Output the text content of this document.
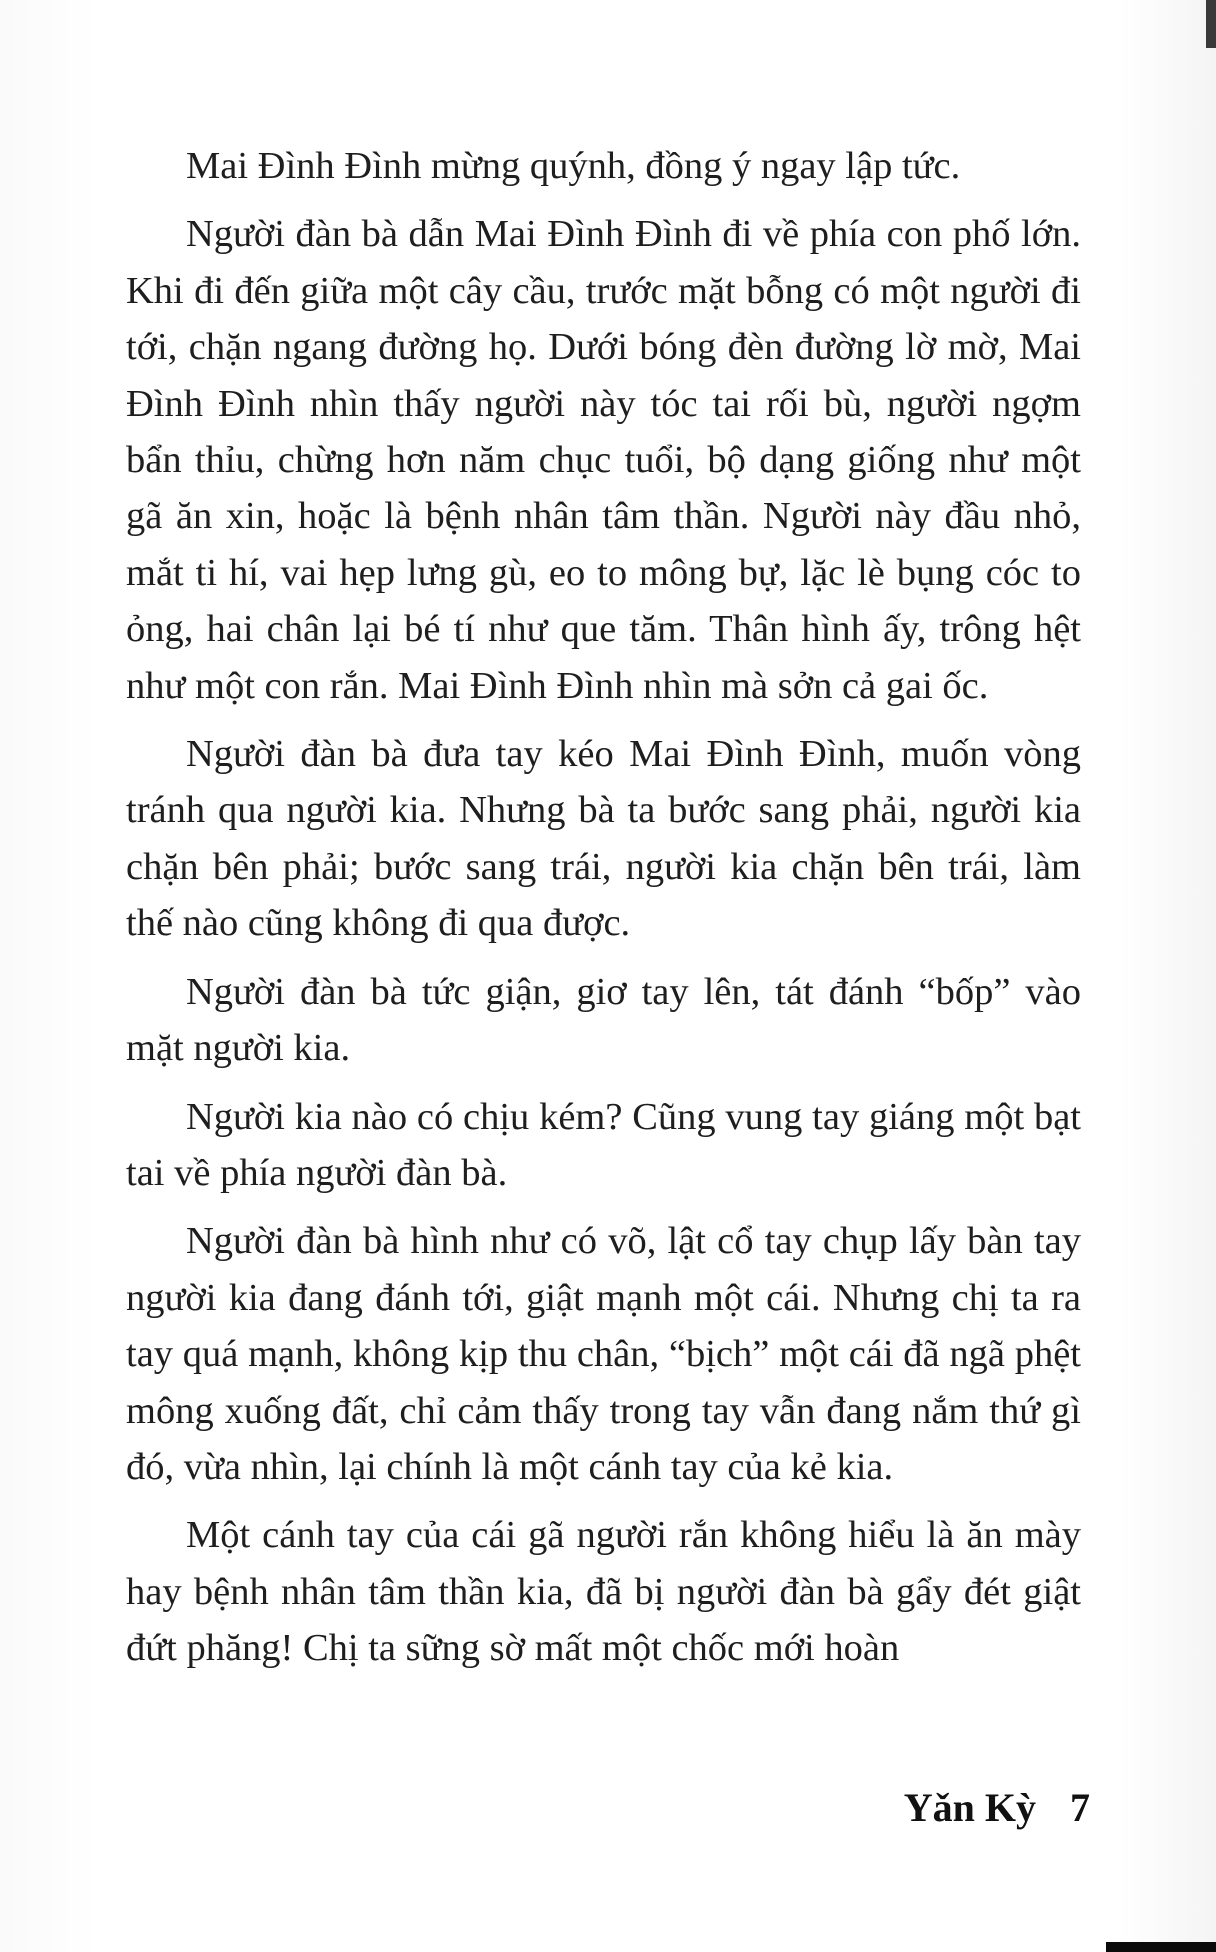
Mai Đình Đình mừng quýnh, đồng ý ngay lập tức.

Người đàn bà dẫn Mai Đình Đình đi về phía con phố lớn. Khi đi đến giữa một cây cầu, trước mặt bỗng có một người đi tới, chặn ngang đường họ. Dưới bóng đèn đường lờ mờ, Mai Đình Đình nhìn thấy người này tóc tai rối bù, người ngợm bẩn thỉu, chừng hơn năm chục tuổi, bộ dạng giống như một gã ăn xin, hoặc là bệnh nhân tâm thần. Người này đầu nhỏ, mắt ti hí, vai hẹp lưng gù, eo to mông bự, lặc lè bụng cóc to ỏng, hai chân lại bé tí như que tăm. Thân hình ấy, trông hệt như một con rắn. Mai Đình Đình nhìn mà sởn cả gai ốc.

Người đàn bà đưa tay kéo Mai Đình Đình, muốn vòng tránh qua người kia. Nhưng bà ta bước sang phải, người kia chặn bên phải; bước sang trái, người kia chặn bên trái, làm thế nào cũng không đi qua được.

Người đàn bà tức giận, giơ tay lên, tát đánh “bốp” vào mặt người kia.

Người kia nào có chịu kém? Cũng vung tay giáng một bạt tai về phía người đàn bà.

Người đàn bà hình như có võ, lật cổ tay chụp lấy bàn tay người kia đang đánh tới, giật mạnh một cái. Nhưng chị ta ra tay quá mạnh, không kịp thu chân, “bịch” một cái đã ngã phệt mông xuống đất, chỉ cảm thấy trong tay vẫn đang nắm thứ gì đó, vừa nhìn, lại chính là một cánh tay của kẻ kia.

Một cánh tay của cái gã người rắn không hiểu là ăn mày hay bệnh nhân tâm thần kia, đã bị người đàn bà gẩy đét giật đứt phăng! Chị ta sững sờ mất một chốc mới hoàn

Yǎn Kỳ 7
